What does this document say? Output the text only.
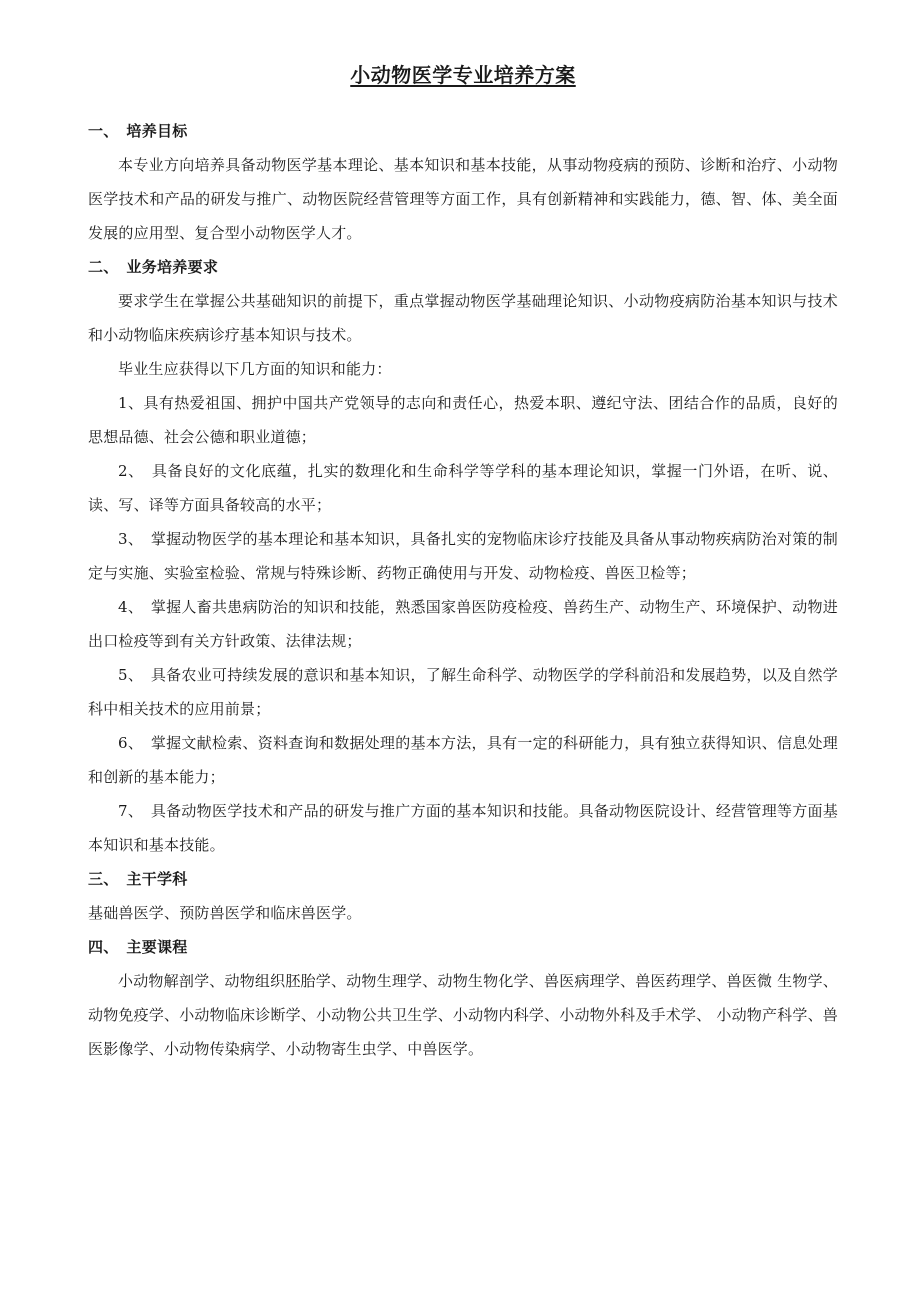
小动物医学专业培养方案
一、　培养目标

本专业方向培养具备动物医学基本理论、基本知识和基本技能，从事动物疫病的预防、诊断和治疗、小动物医学技术和产品的研发与推广、动物医院经营管理等方面工作，具有创新精神和实践能力，德、智、体、美全面发展的应用型、复合型小动物医学人才。

二、　业务培养要求

要求学生在掌握公共基础知识的前提下，重点掌握动物医学基础理论知识、小动物疫病防治基本知识与技术和小动物临床疾病诊疗基本知识与技术。

毕业生应获得以下几方面的知识和能力：

1、具有热爱祖国、拥护中国共产党领导的志向和责任心，热爱本职、遵纪守法、团结合作的品质，良好的思想品德、社会公德和职业道德；

2、　具备良好的文化底蕴，扎实的数理化和生命科学等学科的基本理论知识，掌握一门外语，在听、说、读、写、译等方面具备较高的水平；

3、　掌握动物医学的基本理论和基本知识，具备扎实的宠物临床诊疗技能及具备从事动物疾病防治对策的制定与实施、实验室检验、常规与特殊诊断、药物正确使用与开发、动物检疫、兽医卫检等；

4、　掌握人畜共患病防治的知识和技能，熟悉国家兽医防疫检疫、兽药生产、动物生产、环境保护、动物进出口检疫等到有关方针政策、法律法规；

5、　具备农业可持续发展的意识和基本知识，了解生命科学、动物医学的学科前沿和发展趋势，以及自然学科中相关技术的应用前景；

6、　掌握文献检索、资料查询和数据处理的基本方法，具有一定的科研能力，具有独立获得知识、信息处理和创新的基本能力；

7、　具备动物医学技术和产品的研发与推广方面的基本知识和技能。具备动物医院设计、经营管理等方面基本知识和基本技能。

三、　主干学科

基础兽医学、预防兽医学和临床兽医学。

四、　主要课程

小动物解剖学、动物组织胚胎学、动物生理学、动物生物化学、兽医病理学、兽医药理学、兽医微 生物学、动物免疫学、小动物临床诊断学、小动物公共卫生学、小动物内科学、小动物外科及手术学、 小动物产科学、兽医影像学、小动物传染病学、小动物寄生虫学、中兽医学。
